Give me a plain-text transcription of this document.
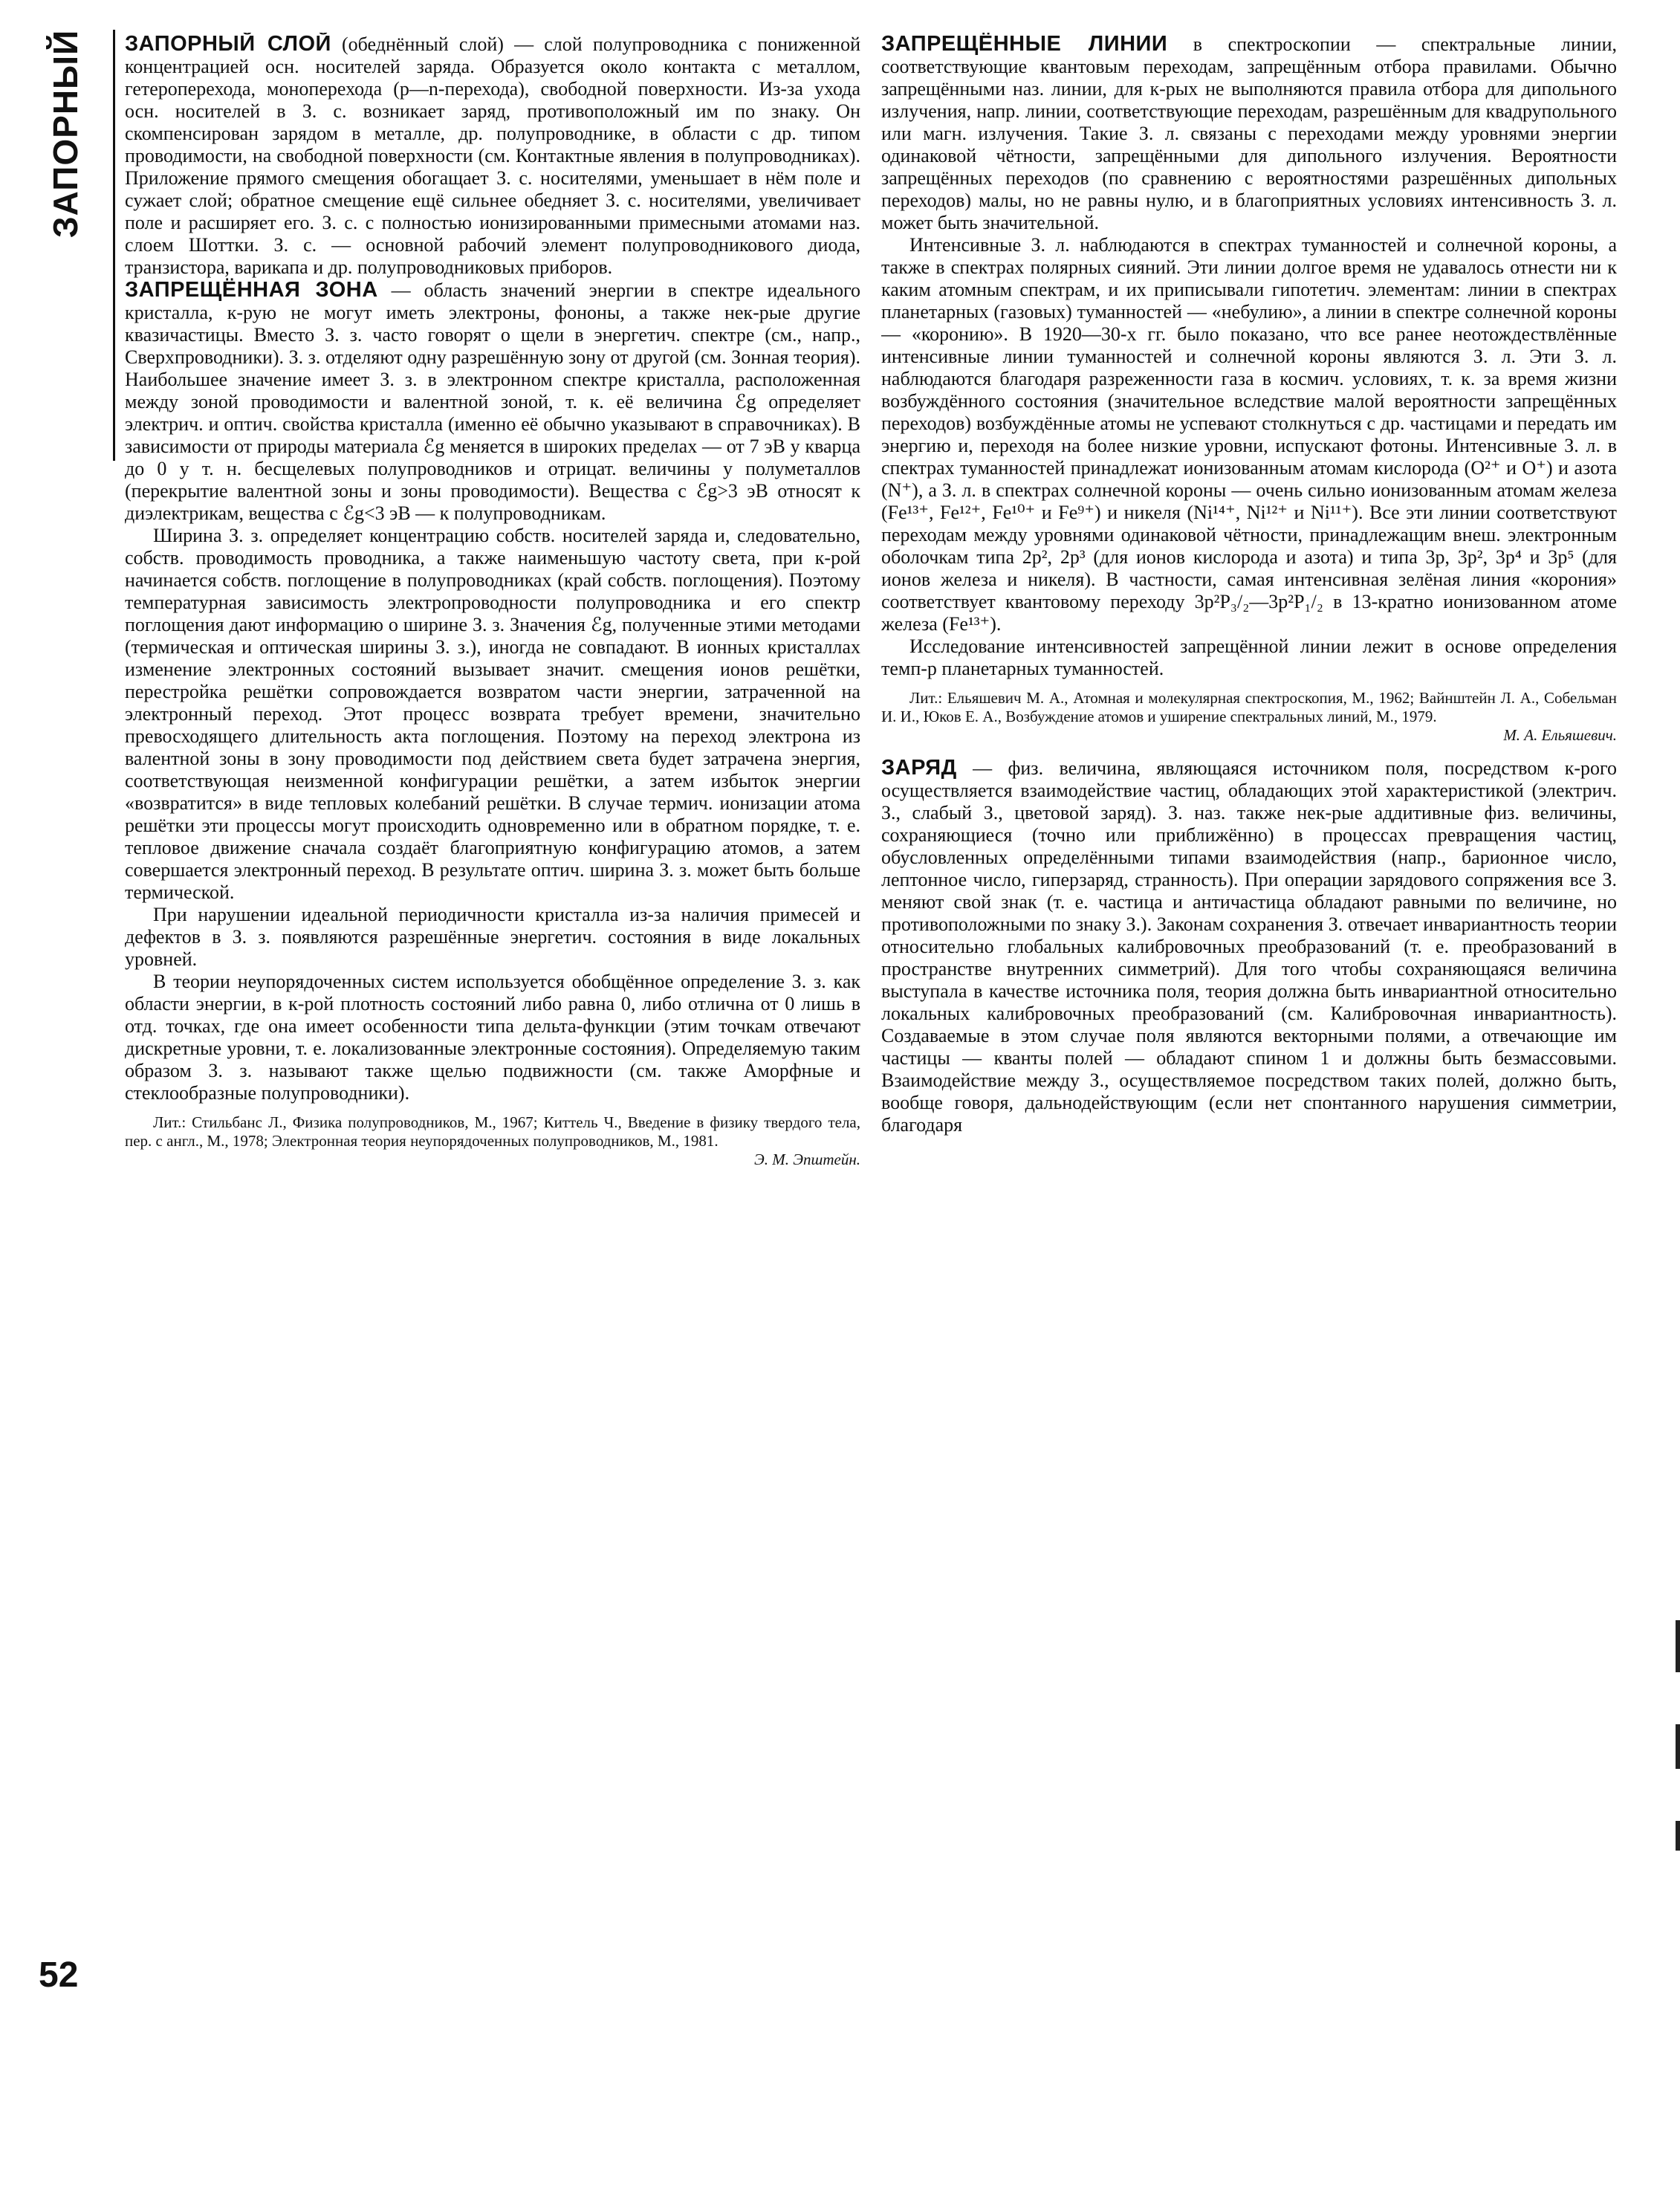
ЗАПОРНЫЙ
52

ЗАПОРНЫЙ СЛОЙ (обеднённый слой) — слой полупроводника с пониженной концентрацией осн. носителей заряда. Образуется около контакта с металлом, гетероперехода, моноперехода (p—n-перехода), свободной поверхности. Из-за ухода осн. носителей в З. с. возникает заряд, противоположный им по знаку. Он скомпенсирован зарядом в металле, др. полупроводнике, в области с др. типом проводимости, на свободной поверхности (см. Контактные явления в полупроводниках). Приложение прямого смещения обогащает З. с. носителями, уменьшает в нём поле и сужает слой; обратное смещение ещё сильнее обедняет З. с. носителями, увеличивает поле и расширяет его. З. с. с полностью ионизированными примесными атомами наз. слоем Шоттки. З. с. — основной рабочий элемент полупроводникового диода, транзистора, варикапа и др. полупроводниковых приборов.

ЗАПРЕЩЁННАЯ ЗОНА — область значений энергии в спектре идеального кристалла, к-рую не могут иметь электроны, фононы, а также нек-рые другие квазичастицы. Вместо З. з. часто говорят о щели в энергетич. спектре (см., напр., Сверхпроводники). З. з. отделяют одну разрешённую зону от другой (см. Зонная теория). Наибольшее значение имеет З. з. в электронном спектре кристалла, расположенная между зоной проводимости и валентной зоной, т. к. её величина ℰg определяет электрич. и оптич. свойства кристалла (именно её обычно указывают в справочниках). В зависимости от природы материала ℰg меняется в широких пределах — от 7 эВ у кварца до 0 у т. н. бесщелевых полупроводников и отрицат. величины у полуметаллов (перекрытие валентной зоны и зоны проводимости). Вещества с ℰg>3 эВ относят к диэлектрикам, вещества с ℰg<3 эВ — к полупроводникам.

Ширина З. з. определяет концентрацию собств. носителей заряда и, следовательно, собств. проводимость проводника, а также наименьшую частоту света, при к-рой начинается собств. поглощение в полупроводниках (край собств. поглощения). Поэтому температурная зависимость электропроводности полупроводника и его спектр поглощения дают информацию о ширине З. з. Значения ℰg, полученные этими методами (термическая и оптическая ширины З. з.), иногда не совпадают. В ионных кристаллах изменение электронных состояний вызывает значит. смещения ионов решётки, перестройка решётки сопровождается возвратом части энергии, затраченной на электронный переход. Этот процесс возврата требует времени, значительно превосходящего длительность акта поглощения. Поэтому на переход электрона из валентной зоны в зону проводимости под действием света будет затрачена энергия, соответствующая неизменной конфигурации решётки, а затем избыток энергии «возвратится» в виде тепловых колебаний решётки. В случае термич. ионизации атома решётки эти процессы могут происходить одновременно или в обратном порядке, т. е. тепловое движение сначала создаёт благоприятную конфигурацию атомов, а затем совершается электронный переход. В результате оптич. ширина З. з. может быть больше термической.

При нарушении идеальной периодичности кристалла из-за наличия примесей и дефектов в З. з. появляются разрешённые энергетич. состояния в виде локальных уровней.

В теории неупорядоченных систем используется обобщённое определение З. з. как области энергии, в к-рой плотность состояний либо равна 0, либо отлична от 0 лишь в отд. точках, где она имеет особенности типа дельта-функции (этим точкам отвечают дискретные уровни, т. е. локализованные электронные состояния). Определяемую таким образом З. з. называют также щелью подвижности (см. также Аморфные и стеклообразные полупроводники).

Лит.: Стильбанс Л., Физика полупроводников, М., 1967; Киттель Ч., Введение в физику твердого тела, пер. с англ., М., 1978; Электронная теория неупорядоченных полупроводников, М., 1981.
Э. М. Эпштейн.

ЗАПРЕЩЁННЫЕ ЛИНИИ в спектроскопии — спектральные линии, соответствующие квантовым переходам, запрещённым отбора правилами. Обычно запрещёнными наз. линии, для к-рых не выполняются правила отбора для дипольного излучения, напр. линии, соответствующие переходам, разрешённым для квадрупольного или магн. излучения. Такие З. л. связаны с переходами между уровнями энергии одинаковой чётности, запрещёнными для дипольного излучения. Вероятности запрещённых переходов (по сравнению с вероятностями разрешённых дипольных переходов) малы, но не равны нулю, и в благоприятных условиях интенсивность З. л. может быть значительной.

Интенсивные З. л. наблюдаются в спектрах туманностей и солнечной короны, а также в спектрах полярных сияний. Эти линии долгое время не удавалось отнести ни к каким атомным спектрам, и их приписывали гипотетич. элементам: линии в спектрах планетарных (газовых) туманностей — «небулию», а линии в спектре солнечной короны — «коронию». В 1920—30-х гг. было показано, что все ранее неотождествлённые интенсивные линии туманностей и солнечной короны являются З. л. Эти З. л. наблюдаются благодаря разреженности газа в космич. условиях, т. к. за время жизни возбуждённого состояния (значительное вследствие малой вероятности запрещённых переходов) возбуждённые атомы не успевают столкнуться с др. частицами и передать им энергию и, переходя на более низкие уровни, испускают фотоны. Интенсивные З. л. в спектрах туманностей принадлежат ионизованным атомам кислорода (O²⁺ и O⁺) и азота (N⁺), а З. л. в спектрах солнечной короны — очень сильно ионизованным атомам железа (Fe¹³⁺, Fe¹²⁺, Fe¹⁰⁺ и Fe⁹⁺) и никеля (Ni¹⁴⁺, Ni¹²⁺ и Ni¹¹⁺). Все эти линии соответствуют переходам между уровнями одинаковой чётности, принадлежащим внеш. электронным оболочкам типа 2p², 2p³ (для ионов кислорода и азота) и типа 3p, 3p², 3p⁴ и 3p⁵ (для ионов железа и никеля). В частности, самая интенсивная зелёная линия «корония» соответствует квантовому переходу 3p²P₃/₂—3p²P₁/₂ в 13-кратно ионизованном атоме железа (Fe¹³⁺).

Исследование интенсивностей запрещённой линии лежит в основе определения темп-р планетарных туманностей.

Лит.: Ельяшевич М. А., Атомная и молекулярная спектроскопия, М., 1962; Вайнштейн Л. А., Собельман И. И., Юков Е. А., Возбуждение атомов и уширение спектральных линий, М., 1979.
М. А. Ельяшевич.

ЗАРЯД — физ. величина, являющаяся источником поля, посредством к-рого осуществляется взаимодействие частиц, обладающих этой характеристикой (электрич. З., слабый З., цветовой заряд). З. наз. также нек-рые аддитивные физ. величины, сохраняющиеся (точно или приближённо) в процессах превращения частиц, обусловленных определёнными типами взаимодействия (напр., барионное число, лептонное число, гиперзаряд, странность). При операции зарядового сопряжения все З. меняют свой знак (т. е. частица и античастица обладают равными по величине, но противоположными по знаку З.). Законам сохранения З. отвечает инвариантность теории относительно глобальных калибровочных преобразований (т. е. преобразований в пространстве внутренних симметрий). Для того чтобы сохраняющаяся величина выступала в качестве источника поля, теория должна быть инвариантной относительно локальных калибровочных преобразований (см. Калибровочная инвариантность). Создаваемые в этом случае поля являются векторными полями, а отвечающие им частицы — кванты полей — обладают спином 1 и должны быть безмассовыми. Взаимодействие между З., осуществляемое посредством таких полей, должно быть, вообще говоря, дальнодействующим (если нет спонтанного нарушения симметрии, благодаря
